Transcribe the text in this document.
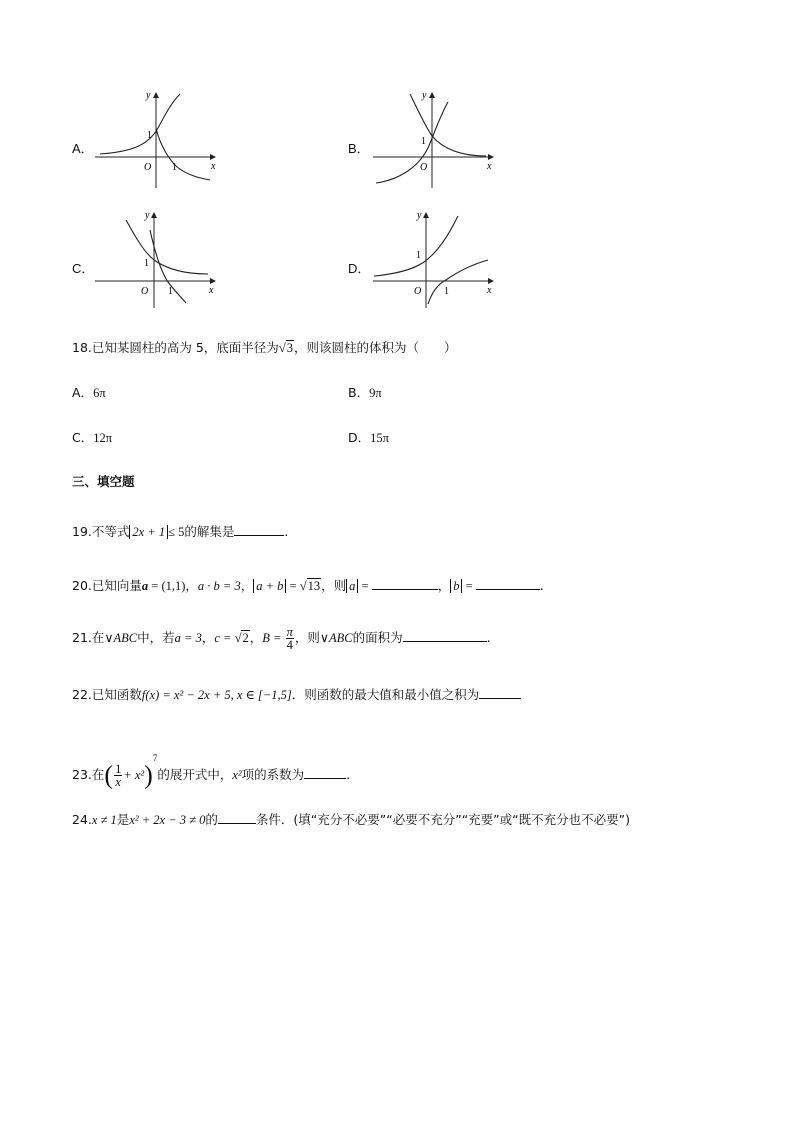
A．
y
x
O
1
1
B．
y
x
O
1
C．
y
x
O
1
1
D．
y
x
O
1
1
18.已知某圆柱的高为 5，底面半径为√3，则该圆柱的体积为（　　）
A．6π	B．9π
C．12π	D．15π
三、填空题
19.不等式 2x + 1 ≤ 5的解集是	.
20.已知向量a = (1,1)，a · b = 3， a + b = √13，则 a =	， b =	.
21.在∨ABC中，若a = 3，c = √2，$B = \frac{\pi}{4}$ ，则∨ABC的面积为	.
22.已知函数f(x) = x² − 2x + 5, x ∈ [−1,5]．则函数的最大值和最小值之积为
23.在( $\frac{1}{x} + x^2)^7$的展开式中，x²项的系数为	.
24.x ≠ 1是x² + 2x − 3 ≠ 0的	条件．(填“充分不必要”“必要不充分”“充要”或“既不充分也不必要”)
